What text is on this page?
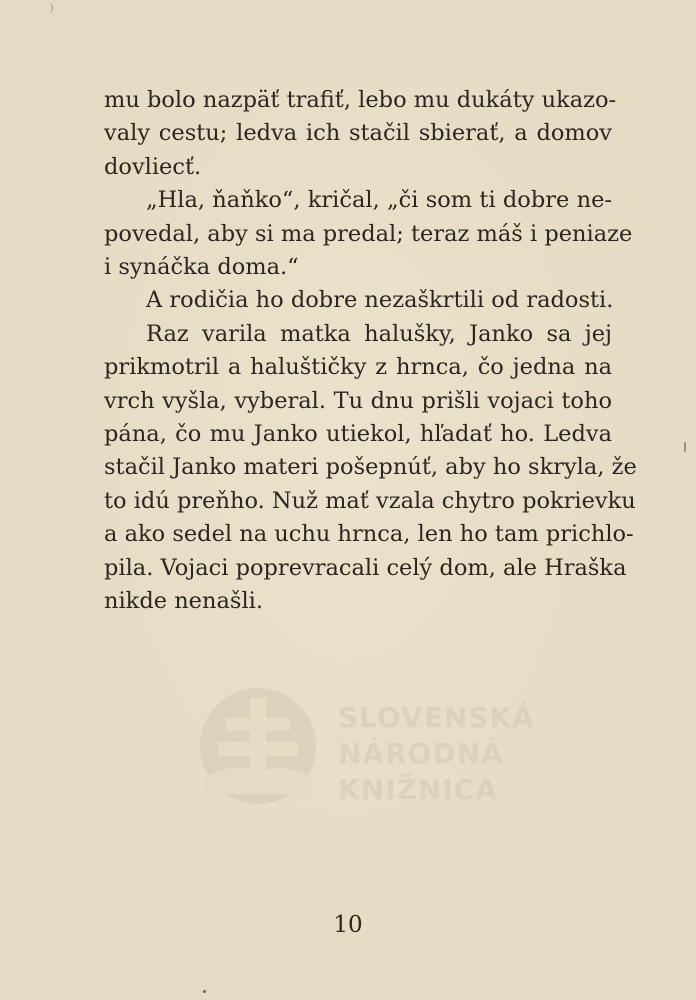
mu bolo nazpäť trafiť, lebo mu dukáty ukazo-
valy cestu; ledva ich stačil sbierať, a domov
dovliecť.
„Hla, ňaňko“, kričal, „či som ti dobre ne-
povedal, aby si ma predal; teraz máš i peniaze
i synáčka doma.“
A rodičia ho dobre nezaškrtili od radosti.
Raz varila matka halušky, Janko sa jej
prikmotril a haluštičky z hrnca, čo jedna na
vrch vyšla, vyberal. Tu dnu prišli vojaci toho
pána, čo mu Janko utiekol, hľadať ho. Ledva
stačil Janko materi pošepnúť, aby ho skryla, že
to idú preňho. Nuž mať vzala chytro pokrievku
a ako sedel na uchu hrnca, len ho tam prichlo-
pila. Vojaci poprevracali celý dom, ale Hraška
nikde nenašli.
SLOVENSKÁ
NÁRODNÁ
KNIŽNICA
10
